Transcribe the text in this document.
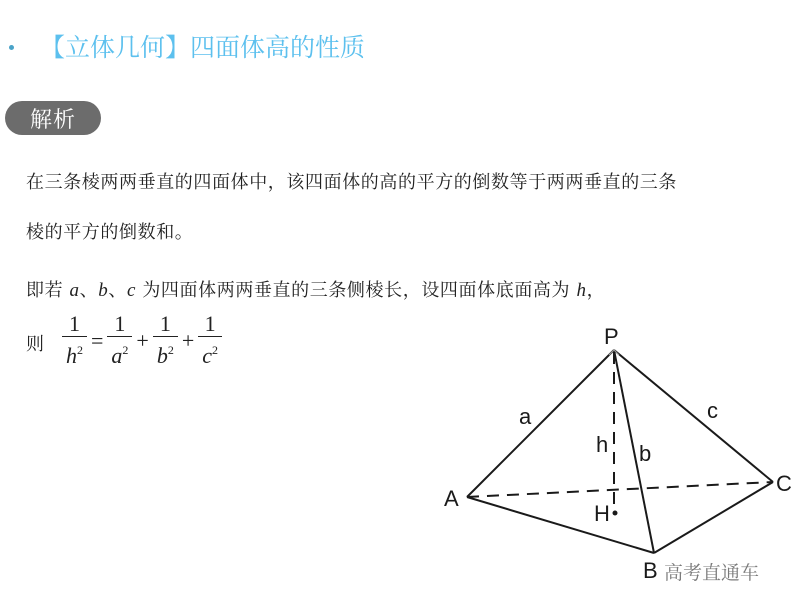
【立体几何】四面体高的性质
解析
在三条棱两两垂直的四面体中，该四面体的高的平方的倒数等于两两垂直的三条
棱的平方的倒数和。
即若 a、b、c 为四面体两两垂直的三条侧棱长，设四面体底面高为 h，
则 $\frac{1}{h^2} = \frac{1}{a^2} + \frac{1}{b^2} + \frac{1}{c^2}$	P
A
C
B
H
a	c
b
h
高考直通车
